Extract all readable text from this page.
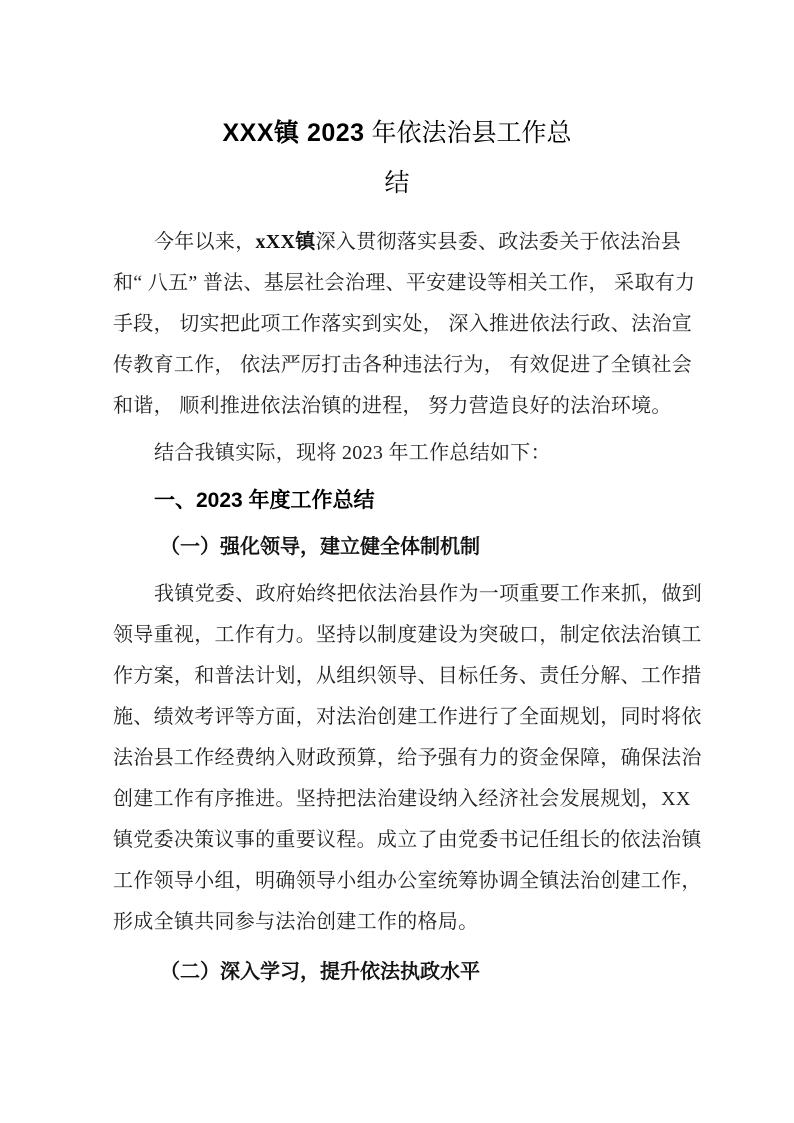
XXX镇 2023 年依法治县工作总
结

今年以来，xXX镇深入贯彻落实县委、政法委关于依法治县和“ 八五” 普法、基层社会治理、平安建设等相关工作， 采取有力手段， 切实把此项工作落实到实处， 深入推进依法行政、法治宣传教育工作， 依法严厉打击各种违法行为， 有效促进了全镇社会和谐， 顺利推进依法治镇的进程， 努力营造良好的法治环境。

结合我镇实际，现将 2023 年工作总结如下：

一、2023 年度工作总结
（一）强化领导，建立健全体制机制

我镇党委、政府始终把依法治县作为一项重要工作来抓，做到领导重视，工作有力。坚持以制度建设为突破口，制定依法治镇工作方案，和普法计划，从组织领导、目标任务、责任分解、工作措施、绩效考评等方面，对法治创建工作进行了全面规划，同时将依法治县工作经费纳入财政预算，给予强有力的资金保障，确保法治创建工作有序推进。坚持把法治建设纳入经济社会发展规划，XX镇党委决策议事的重要议程。成立了由党委书记任组长的依法治镇工作领导小组，明确领导小组办公室统筹协调全镇法治创建工作，形成全镇共同参与法治创建工作的格局。

（二）深入学习，提升依法执政水平
